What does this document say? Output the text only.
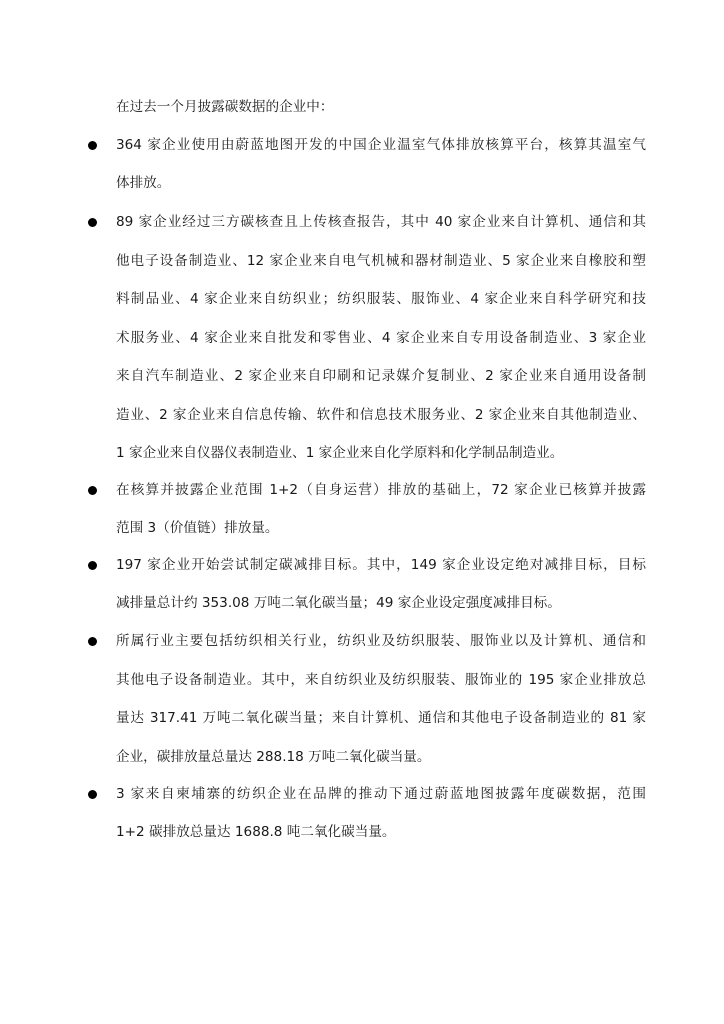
在过去一个月披露碳数据的企业中：

364 家企业使用由蔚蓝地图开发的中国企业温室气体排放核算平台，核算其温室气
体排放。
89 家企业经过三方碳核查且上传核查报告，其中 40 家企业来自计算机、通信和其
他电子设备制造业、12 家企业来自电气机械和器材制造业、5 家企业来自橡胶和塑
料制品业、4 家企业来自纺织业；纺织服装、服饰业、4 家企业来自科学研究和技
术服务业、4 家企业来自批发和零售业、4 家企业来自专用设备制造业、3 家企业
来自汽车制造业、2 家企业来自印刷和记录媒介复制业、2 家企业来自通用设备制
造业、2 家企业来自信息传输、软件和信息技术服务业、2 家企业来自其他制造业、
1 家企业来自仪器仪表制造业、1 家企业来自化学原料和化学制品制造业。
在核算并披露企业范围 1+2（自身运营）排放的基础上，72 家企业已核算并披露
范围 3（价值链）排放量。
197 家企业开始尝试制定碳减排目标。其中，149 家企业设定绝对减排目标，目标
减排量总计约 353.08 万吨二氧化碳当量；49 家企业设定强度减排目标。
所属行业主要包括纺织相关行业，纺织业及纺织服装、服饰业以及计算机、通信和
其他电子设备制造业。其中，来自纺织业及纺织服装、服饰业的 195 家企业排放总
量达 317.41 万吨二氧化碳当量；来自计算机、通信和其他电子设备制造业的 81 家
企业，碳排放量总量达 288.18 万吨二氧化碳当量。
3 家来自柬埔寨的纺织企业在品牌的推动下通过蔚蓝地图披露年度碳数据，范围
1+2 碳排放总量达 1688.8 吨二氧化碳当量。
